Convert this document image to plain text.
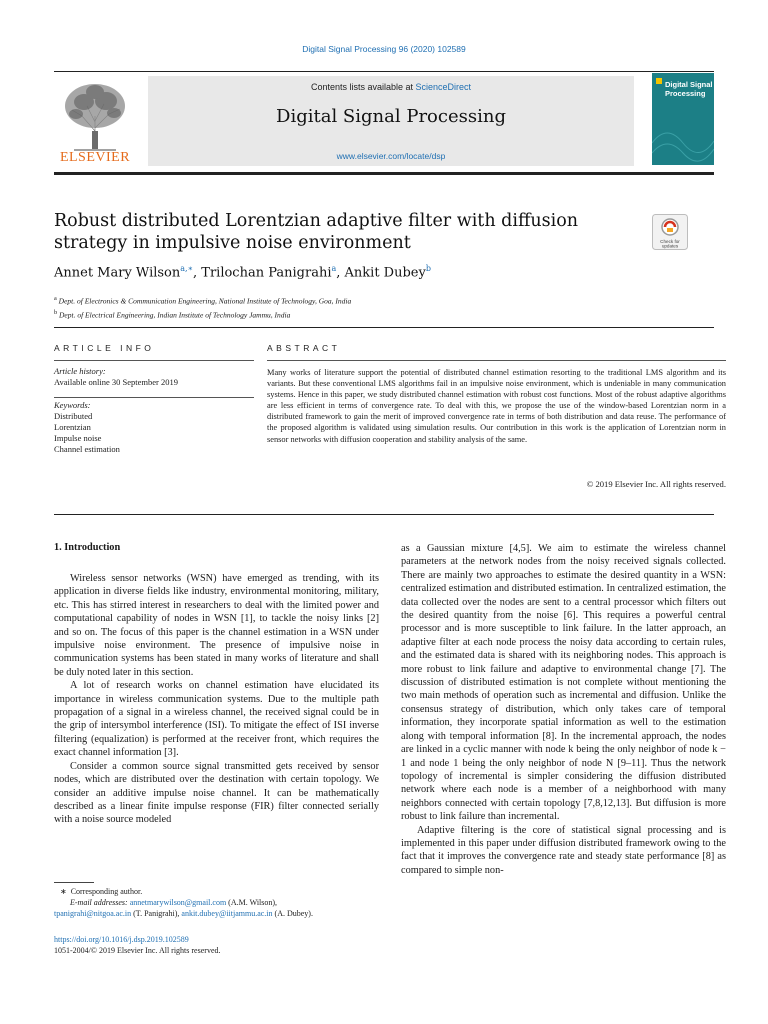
Digital Signal Processing 96 (2020) 102589
ELSEVIER
Contents lists available at ScienceDirect
Digital Signal Processing
www.elsevier.com/locate/dsp
Digital Signal Processing
Robust distributed Lorentzian adaptive filter with diffusion strategy in impulsive noise environment	Check for
updates
Annet Mary Wilson$^{a,∗}$, Trilochan Panigrahi$^a$, Ankit Dubey$^b$
$^a$ Dept. of Electronics & Communication Engineering, National Institute of Technology, Goa, India
$^b$ Dept. of Electrical Engineering, Indian Institute of Technology Jammu, India
ARTICLE INFO
Article history:
Available online 30 September 2019
Keywords:
Distributed
Lorentzian
Impulse noise
Channel estimation
ABSTRACT
Many works of literature support the potential of distributed channel estimation resorting to the traditional LMS algorithm and its variants. But these conventional LMS algorithms fail in an impulsive noise environment, which is undeniable in many communication systems. Hence in this paper, we study distributed channel estimation with robust cost functions. Most of the robust adaptive algorithms are less efficient in terms of convergence rate. To deal with this, we propose the use of the window-based Lorentzian norm in a distributed framework to gain the merit of improved convergence rate in terms of both distribution and data reuse. The performance of the proposed algorithm is validated using simulation results. Our contribution in this work is the application of Lorentzian norm in sensor networks with diffusion cooperation and stability analysis of the same.
© 2019 Elsevier Inc. All rights reserved.
1. Introduction

Wireless sensor networks (WSN) have emerged as trending, with its application in diverse fields like industry, environmental monitoring, military, etc. This has stirred interest in researchers to deal with the limited power and computational capability of nodes in WSN [1], to tackle the noisy links [2] and so on. The focus of this paper is the channel estimation in a WSN under impulsive noise environment. The presence of impulsive noise in communication systems has been stated in many works of literature and shall be duly noted later in this section.

A lot of research works on channel estimation have elucidated its importance in wireless communication systems. Due to the multiple path propagation of a signal in a wireless channel, the received signal could be in the grip of intersymbol interference (ISI). To mitigate the effect of ISI inverse filtering (equalization) is performed at the receiver front, which requires the exact channel information [3].

Consider a common source signal transmitted gets received by sensor nodes, which are distributed over the destination with certain topology. We consider an additive impulse noise channel. It can be mathematically described as a linear finite impulse response (FIR) filter connected serially with a noise source modeled

as a Gaussian mixture [4,5]. We aim to estimate the wireless channel parameters at the network nodes from the noisy received signals collected. There are mainly two approaches to estimate the desired quantity in a WSN: centralized estimation and distributed estimation. In centralized estimation, the data collected over the nodes are sent to a central processor which filters out the desired quantity from the noise [6]. This requires a powerful central processor and is more susceptible to link failure. In the latter approach, an adaptive filter at each node process the noisy data according to certain rules, and the estimated data is shared with its neighboring nodes. This approach is more robust to link failure and adaptive to environmental change [7]. The discussion of distributed estimation is not complete without mentioning the two main methods of operation such as incremental and diffusion. Unlike the consensus strategy of distribution, which only takes care of temporal information, they incorporate spatial information as well to the estimation along with temporal information [8]. In the incremental approach, the nodes are linked in a cyclic manner with node k being the only neighbor of node k − 1 and node 1 being the only neighbor of node N [9–11]. Thus the network topology of incremental is simpler considering the diffusion distributed network where each node is a member of a neighborhood with many neighbors connected with certain topology [7,8,12,13]. But diffusion is more robust to link failure than incremental.

Adaptive filtering is the core of statistical signal processing and is implemented in this paper under diffusion distributed framework owing to the fact that it improves the convergence rate and steady state performance [8] as compared to simple non-

∗  Corresponding author.
E-mail addresses: annetmarywilson@gmail.com (A.M. Wilson),
tpanigrahi@nitgoa.ac.in (T. Panigrahi), ankit.dubey@iitjammu.ac.in (A. Dubey).
https://doi.org/10.1016/j.dsp.2019.102589
1051-2004/© 2019 Elsevier Inc. All rights reserved.
